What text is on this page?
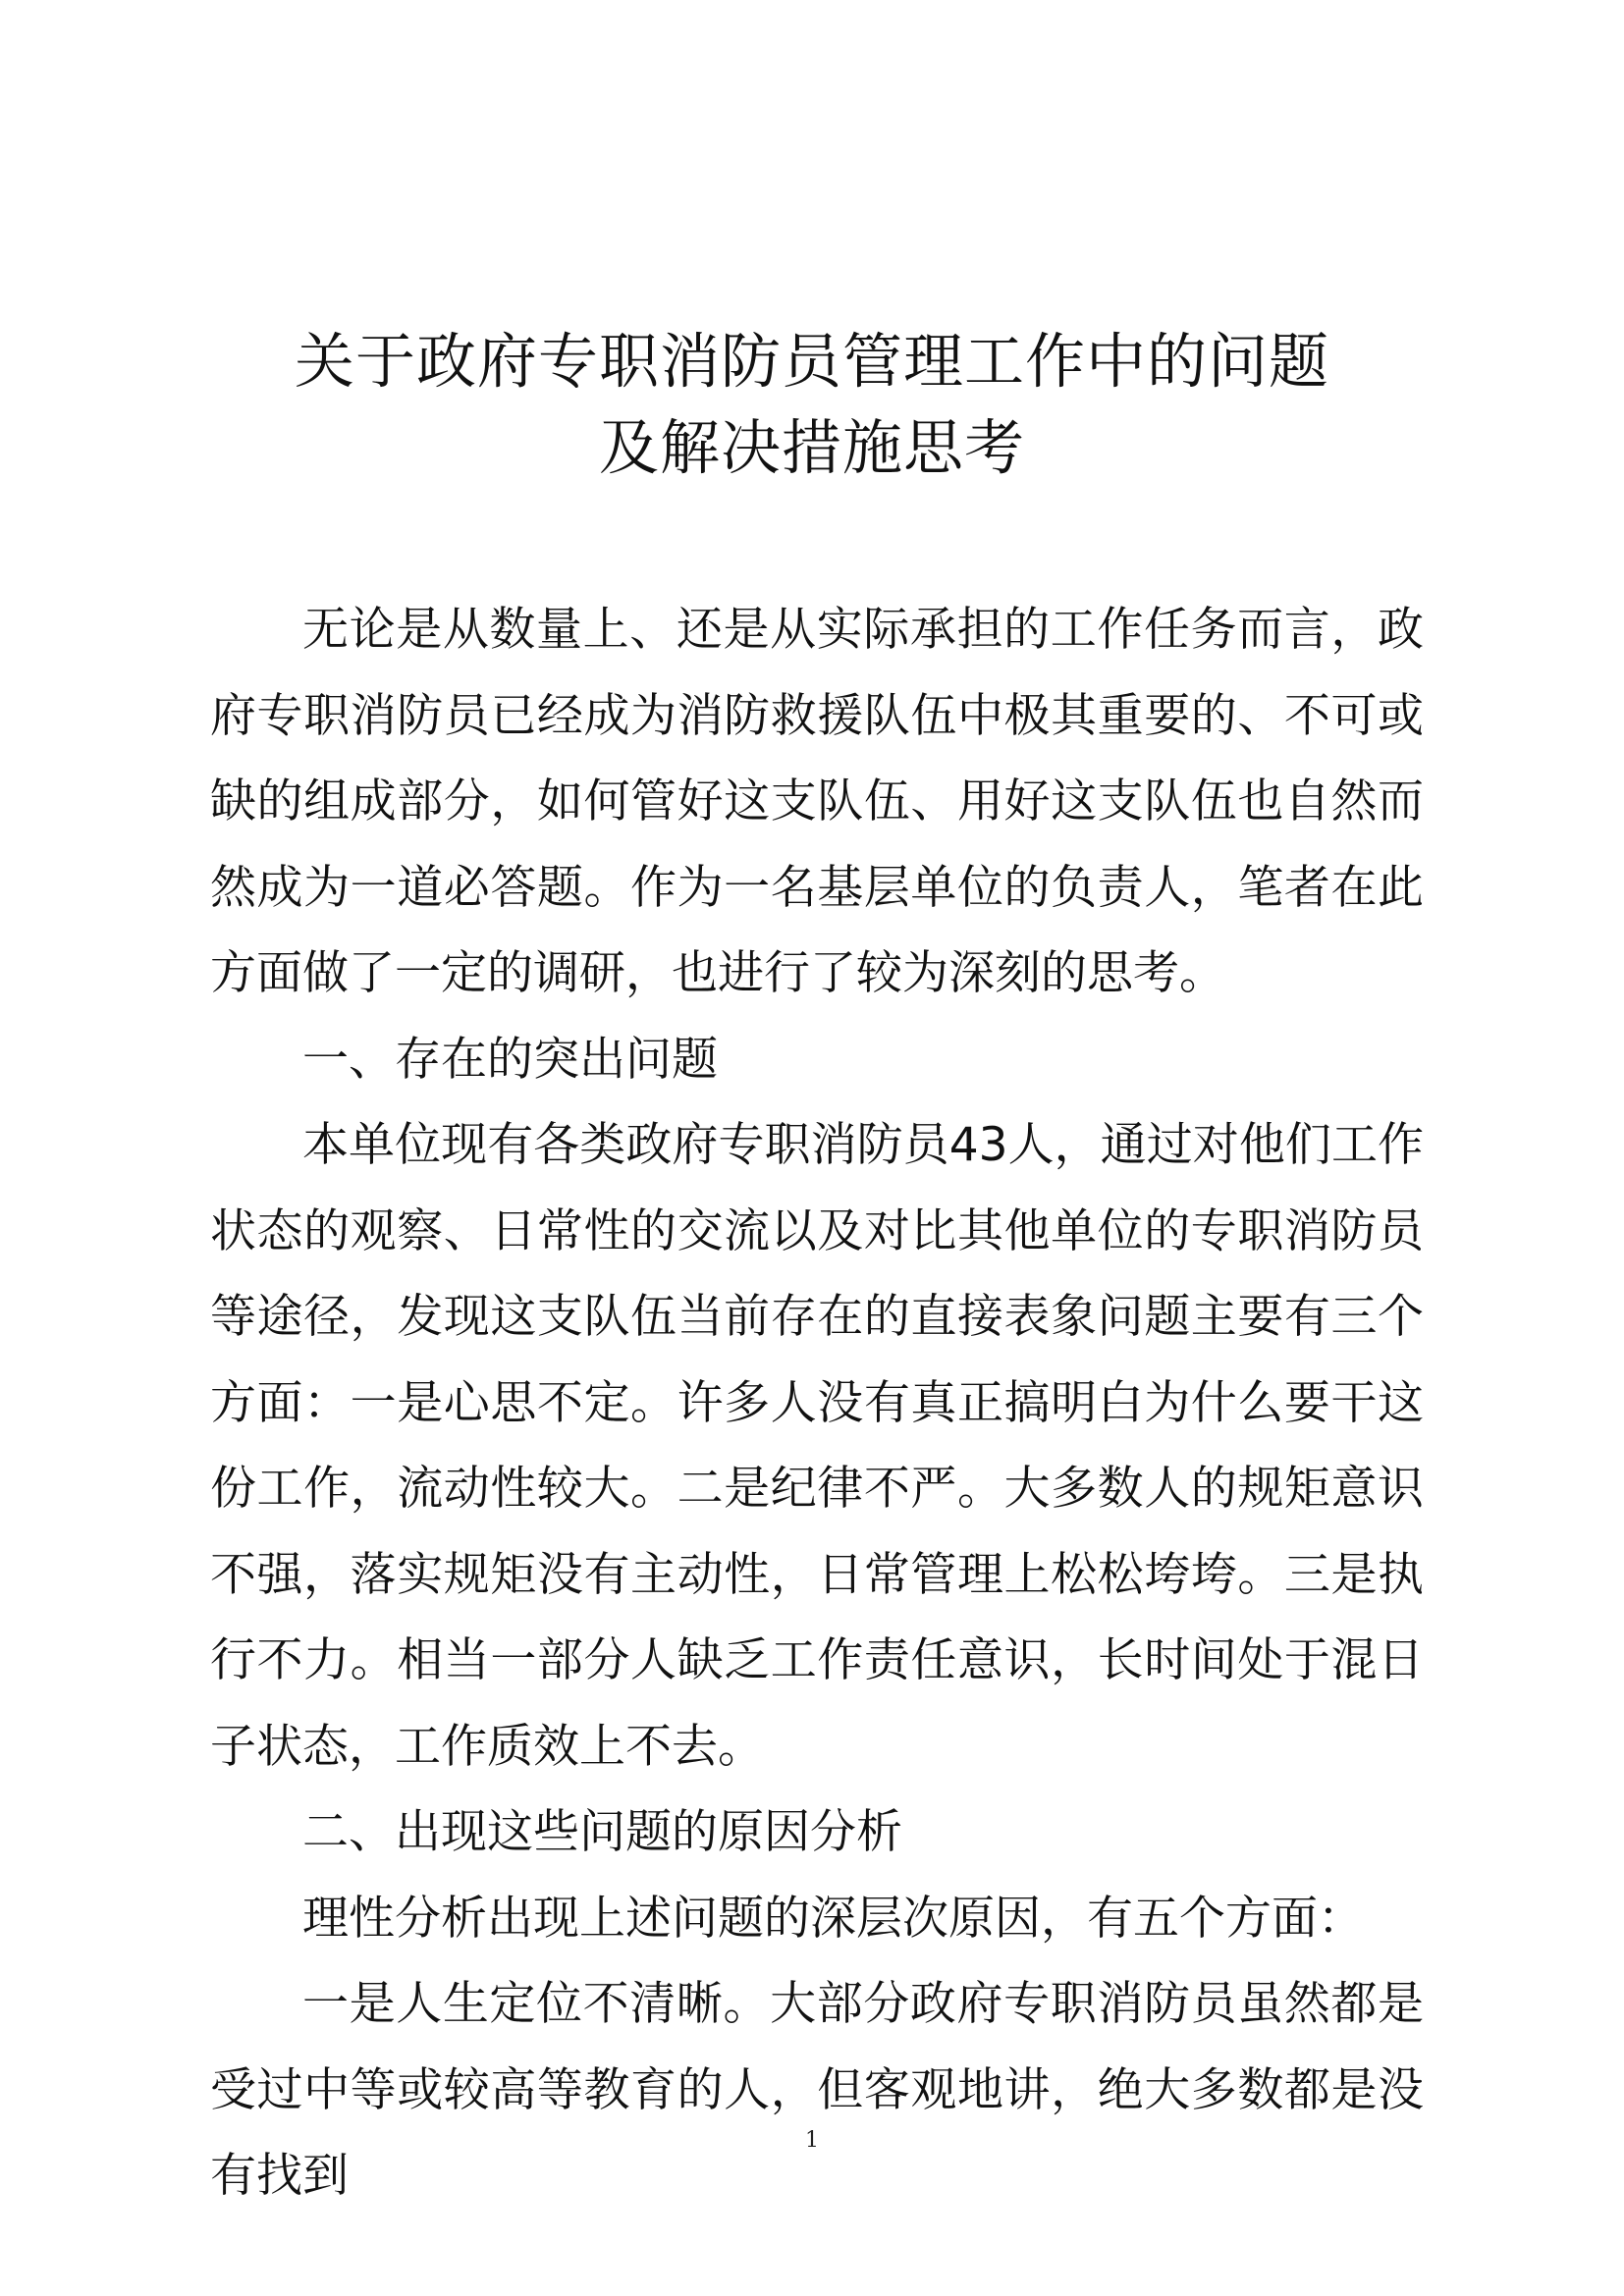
关于政府专职消防员管理工作中的问题
及解决措施思考

无论是从数量上、还是从实际承担的工作任务而言，政府专职消防员已经成为消防救援队伍中极其重要的、不可或缺的组成部分，如何管好这支队伍、用好这支队伍也自然而然成为一道必答题。作为一名基层单位的负责人，笔者在此方面做了一定的调研，也进行了较为深刻的思考。

一、存在的突出问题

本单位现有各类政府专职消防员43人，通过对他们工作状态的观察、日常性的交流以及对比其他单位的专职消防员等途径，发现这支队伍当前存在的直接表象问题主要有三个方面：一是心思不定。许多人没有真正搞明白为什么要干这份工作，流动性较大。二是纪律不严。大多数人的规矩意识不强，落实规矩没有主动性，日常管理上松松垮垮。三是执行不力。相当一部分人缺乏工作责任意识，长时间处于混日子状态，工作质效上不去。

二、出现这些问题的原因分析

理性分析出现上述问题的深层次原因，有五个方面：

一是人生定位不清晰。大部分政府专职消防员虽然都是受过中等或较高等教育的人，但客观地讲，绝大多数都是没有找到

1
